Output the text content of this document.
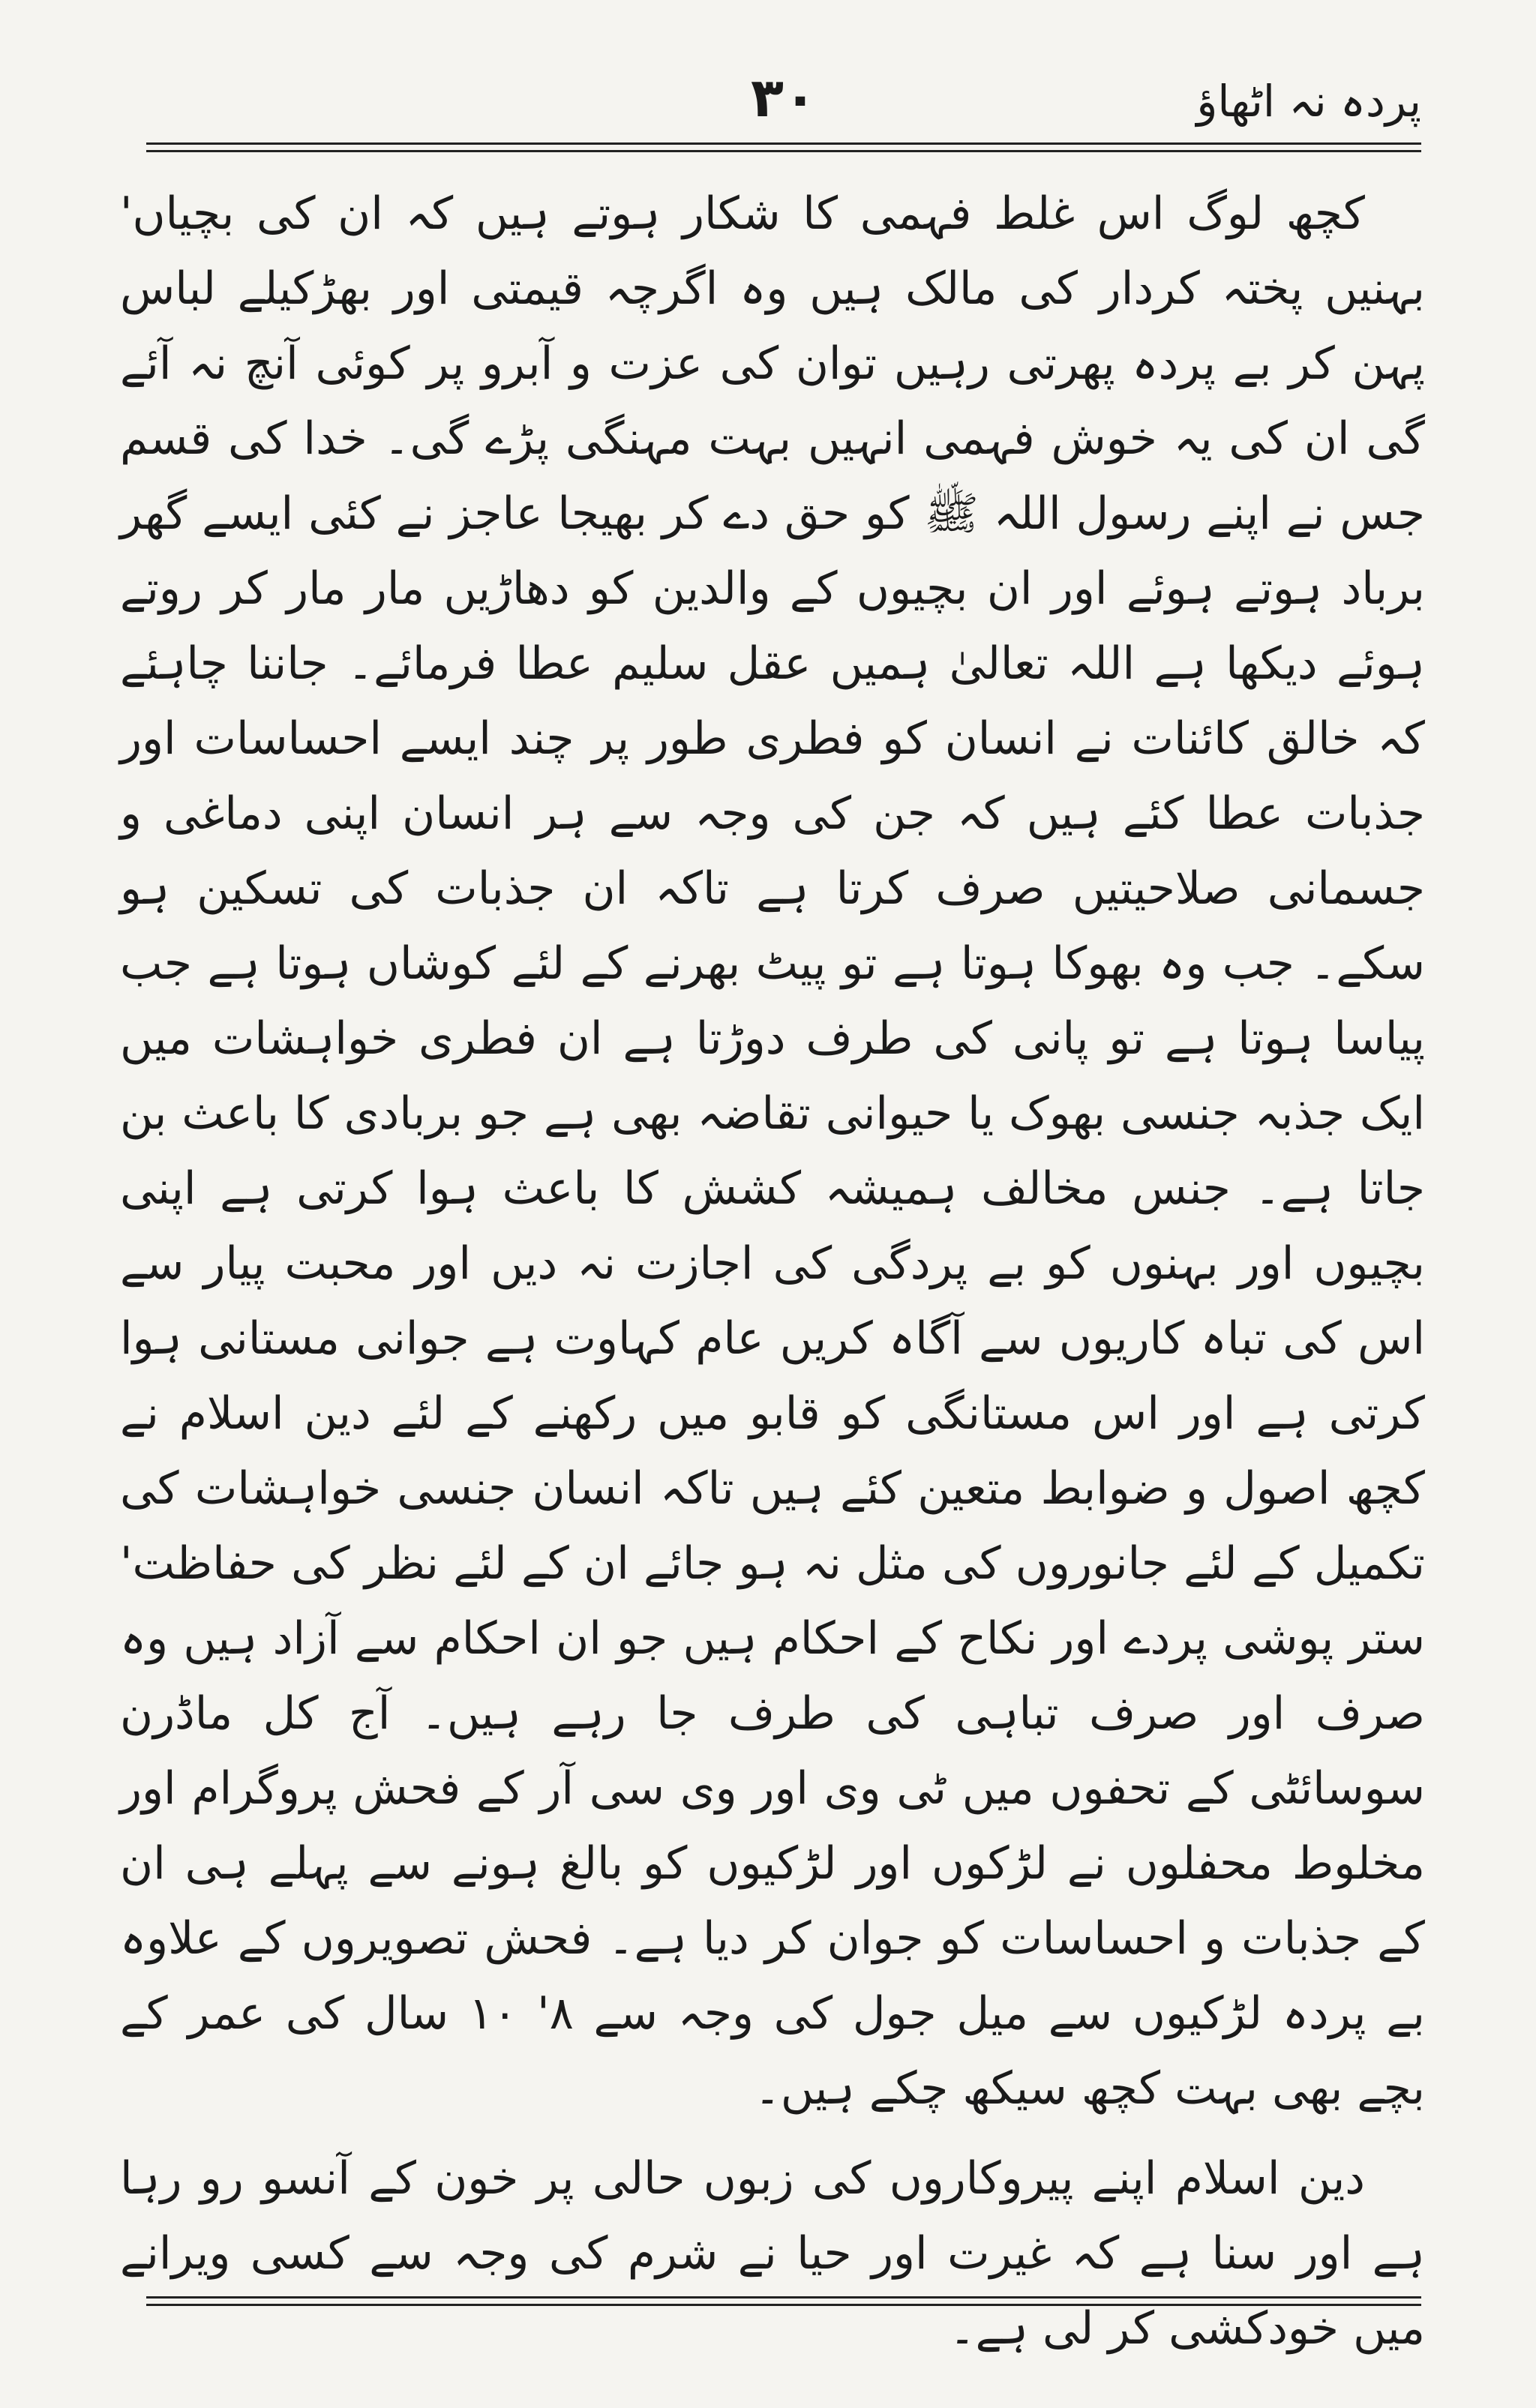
پردہ نہ اٹھاؤ
۳۰

کچھ لوگ اس غلط فہمی کا شکار ہوتے ہیں کہ ان کی بچیاں' بہنیں پختہ کردار کی مالک ہیں وہ اگرچہ قیمتی اور بھڑکیلے لباس پہن کر بے پردہ پھرتی رہیں توان کی عزت و آبرو پر کوئی آنچ نہ آئے گی ان کی یہ خوش فہمی انہیں بہت مہنگی پڑے گی۔ خدا کی قسم جس نے اپنے رسول اللہ ﷺ کو حق دے کر بھیجا عاجز نے کئی ایسے گھر برباد ہوتے ہوئے اور ان بچیوں کے والدین کو دھاڑیں مار مار کر روتے ہوئے دیکھا ہے اللہ تعالیٰ ہمیں عقل سلیم عطا فرمائے۔ جاننا چاہئے کہ خالق کائنات نے انسان کو فطری طور پر چند ایسے احساسات اور جذبات عطا کئے ہیں کہ جن کی وجہ سے ہر انسان اپنی دماغی و جسمانی صلاحیتیں صرف کرتا ہے تاکہ ان جذبات کی تسکین ہو سکے۔ جب وہ بھوکا ہوتا ہے تو پیٹ بھرنے کے لئے کوشاں ہوتا ہے جب پیاسا ہوتا ہے تو پانی کی طرف دوڑتا ہے ان فطری خواہشات میں ایک جذبہ جنسی بھوک یا حیوانی تقاضہ بھی ہے جو بربادی کا باعث بن جاتا ہے۔ جنس مخالف ہمیشہ کشش کا باعث ہوا کرتی ہے اپنی بچیوں اور بہنوں کو بے پردگی کی اجازت نہ دیں اور محبت پیار سے اس کی تباہ کاریوں سے آگاہ کریں عام کہاوت ہے جوانی مستانی ہوا کرتی ہے اور اس مستانگی کو قابو میں رکھنے کے لئے دین اسلام نے کچھ اصول و ضوابط متعین کئے ہیں تاکہ انسان جنسی خواہشات کی تکمیل کے لئے جانوروں کی مثل نہ ہو جائے ان کے لئے نظر کی حفاظت' ستر پوشی پردے اور نکاح کے احکام ہیں جو ان احکام سے آزاد ہیں وہ صرف اور صرف تباہی کی طرف جا رہے ہیں۔ آج کل ماڈرن سوسائٹی کے تحفوں میں ٹی وی اور وی سی آر کے فحش پروگرام اور مخلوط محفلوں نے لڑکوں اور لڑکیوں کو بالغ ہونے سے پہلے ہی ان کے جذبات و احساسات کو جوان کر دیا ہے۔ فحش تصویروں کے علاوہ بے پردہ لڑکیوں سے میل جول کی وجہ سے ۸' ۱۰ سال کی عمر کے بچے بھی بہت کچھ سیکھ چکے ہیں۔

دین اسلام اپنے پیروکاروں کی زبوں حالی پر خون کے آنسو رو رہا ہے اور سنا ہے کہ غیرت اور حیا نے شرم کی وجہ سے کسی ویرانے میں خودکشی کر لی ہے۔
